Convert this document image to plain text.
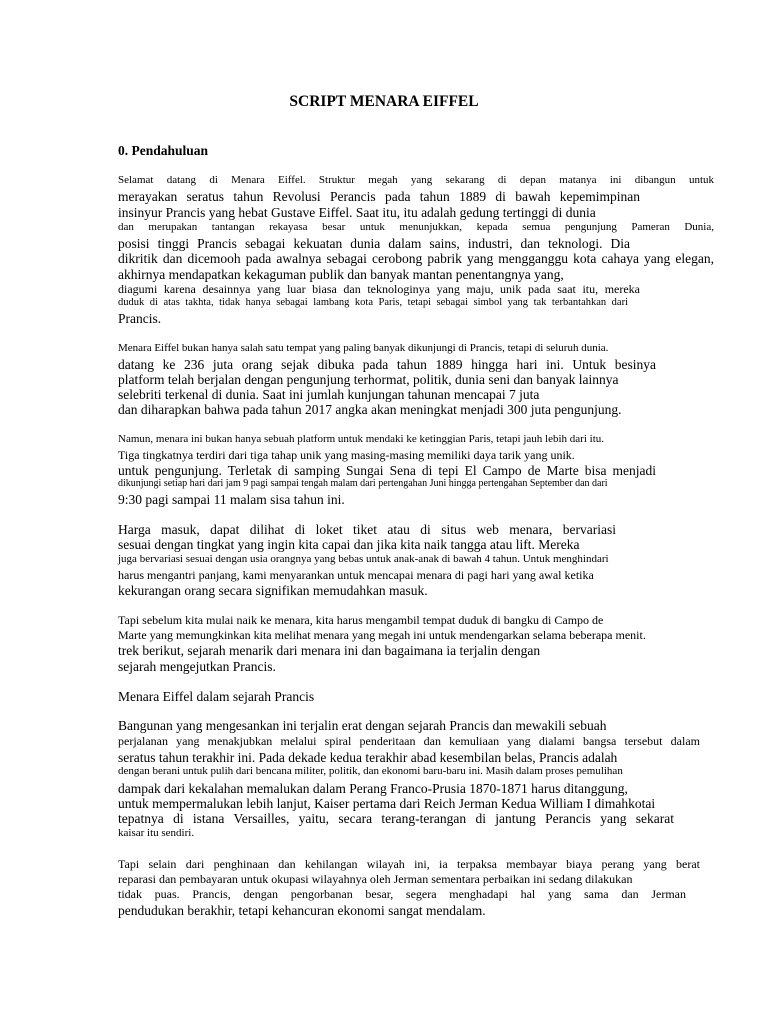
SCRIPT MENARA EIFFEL
0. Pendahuluan
Selamat datang di Menara Eiffel. Struktur megah yang sekarang di depan matanya ini dibangun untuk
merayakan seratus tahun Revolusi Perancis pada tahun 1889 di bawah kepemimpinan
insinyur Prancis yang hebat Gustave Eiffel. Saat itu, itu adalah gedung tertinggi di dunia
dan merupakan tantangan rekayasa besar untuk menunjukkan, kepada semua pengunjung Pameran Dunia,
posisi tinggi Prancis sebagai kekuatan dunia dalam sains, industri, dan teknologi. Dia
dikritik dan dicemooh pada awalnya sebagai cerobong pabrik yang mengganggu kota cahaya yang elegan,
akhirnya mendapatkan kekaguman publik dan banyak mantan penentangnya yang,
diagumi karena desainnya yang luar biasa dan teknologinya yang maju, unik pada saat itu, mereka
duduk di atas takhta, tidak hanya sebagai lambang kota Paris, tetapi sebagai simbol yang tak terbantahkan dari
Prancis.
Menara Eiffel bukan hanya salah satu tempat yang paling banyak dikunjungi di Prancis, tetapi di seluruh dunia.
datang ke 236 juta orang sejak dibuka pada tahun 1889 hingga hari ini. Untuk besinya
platform telah berjalan dengan pengunjung terhormat, politik, dunia seni dan banyak lainnya
selebriti terkenal di dunia. Saat ini jumlah kunjungan tahunan mencapai 7 juta
dan diharapkan bahwa pada tahun 2017 angka akan meningkat menjadi 300 juta pengunjung.
Namun, menara ini bukan hanya sebuah platform untuk mendaki ke ketinggian Paris, tetapi jauh lebih dari itu.
Tiga tingkatnya terdiri dari tiga tahap unik yang masing-masing memiliki daya tarik yang unik.
untuk pengunjung. Terletak di samping Sungai Sena di tepi El Campo de Marte bisa menjadi
dikunjungi setiap hari dari jam 9 pagi sampai tengah malam dari pertengahan Juni hingga pertengahan September dan dari
9:30 pagi sampai 11 malam sisa tahun ini.
Harga masuk, dapat dilihat di loket tiket atau di situs web menara, bervariasi
sesuai dengan tingkat yang ingin kita capai dan jika kita naik tangga atau lift. Mereka
juga bervariasi sesuai dengan usia orangnya yang bebas untuk anak-anak di bawah 4 tahun. Untuk menghindari
harus mengantri panjang, kami menyarankan untuk mencapai menara di pagi hari yang awal ketika
kekurangan orang secara signifikan memudahkan masuk.
Tapi sebelum kita mulai naik ke menara, kita harus mengambil tempat duduk di bangku di Campo de
Marte yang memungkinkan kita melihat menara yang megah ini untuk mendengarkan selama beberapa menit.
trek berikut, sejarah menarik dari menara ini dan bagaimana ia terjalin dengan
sejarah mengejutkan Prancis.
Menara Eiffel dalam sejarah Prancis
Bangunan yang mengesankan ini terjalin erat dengan sejarah Prancis dan mewakili sebuah
perjalanan yang menakjubkan melalui spiral penderitaan dan kemuliaan yang dialami bangsa tersebut dalam
seratus tahun terakhir ini. Pada dekade kedua terakhir abad kesembilan belas, Prancis adalah
dengan berani untuk pulih dari bencana militer, politik, dan ekonomi baru-baru ini. Masih dalam proses pemulihan
dampak dari kekalahan memalukan dalam Perang Franco-Prusia 1870-1871 harus ditanggung,
untuk mempermalukan lebih lanjut, Kaiser pertama dari Reich Jerman Kedua William I dimahkotai
tepatnya di istana Versailles, yaitu, secara terang-terangan di jantung Perancis yang sekarat
kaisar itu sendiri.
Tapi selain dari penghinaan dan kehilangan wilayah ini, ia terpaksa membayar biaya perang yang berat
reparasi dan pembayaran untuk okupasi wilayahnya oleh Jerman sementara perbaikan ini sedang dilakukan
tidak puas. Prancis, dengan pengorbanan besar, segera menghadapi hal yang sama dan Jerman
pendudukan berakhir, tetapi kehancuran ekonomi sangat mendalam.
